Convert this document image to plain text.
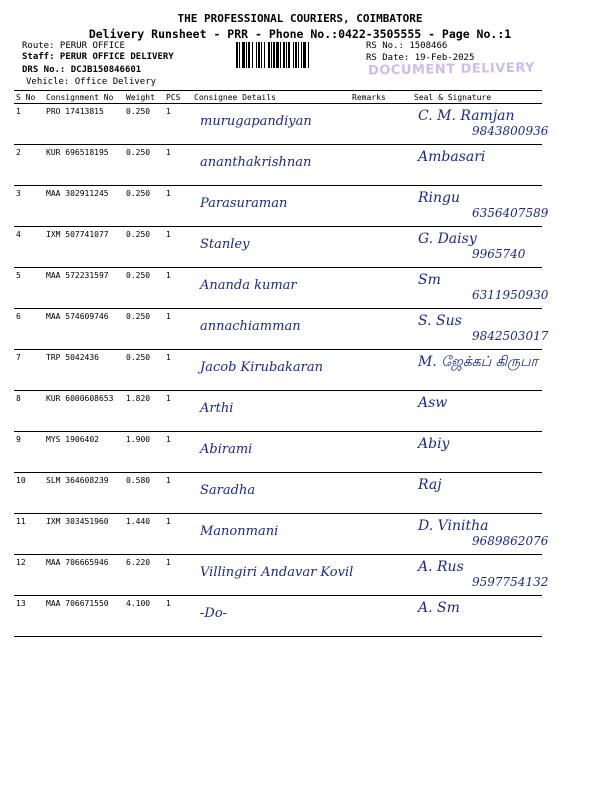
THE PROFESSIONAL COURIERS, COIMBATORE
Delivery Runsheet - PRR - Phone No.:0422-3505555 - Page No.:1
Route: PERUR OFFICE
Staff: PERUR OFFICE DELIVERY
DRS No.: DCJB150846601
Vehicle: Office Delivery
RS No.: 1508466
RS Date: 19-Feb-2025
DOCUMENT DELIVERY
S No	Consignment No	Weight	PCS	Consignee Details	Remarks	Seal & Signature
1	PRO 17413815	0.250	1	murugapandiyan		C. M. Ramjan
9843800936

2	KUR 696518195	0.250	1	ananthakrishnan		Ambasari

3	MAA 302911245	0.250	1	Parasuraman		Ringu
6356407589

4	IXM 507741077	0.250	1	Stanley		G. Daisy
9965740

5	MAA 572231597	0.250	1	Ananda kumar		Sm
6311950930

6	MAA 574609746	0.250	1	annachiamman		S. Sus
9842503017

7	TRP 5042436	0.250	1	Jacob Kirubakaran		M. ஜேக்கப் கிருபா

8	KUR 6000608653	1.820	1	Arthi		Asw

9	MYS 1906402	1.900	1	Abirami		Abiy

10	SLM 364608239	0.580	1	Saradha		Raj

11	IXM 303451960	1.440	1	Manonmani		D. Vinitha
9689862076

12	MAA 706665946	6.220	1	Villingiri Andavar Kovil		A. Rus
9597754132

13	MAA 706671550	4.100	1	-Do-		A. Sm
